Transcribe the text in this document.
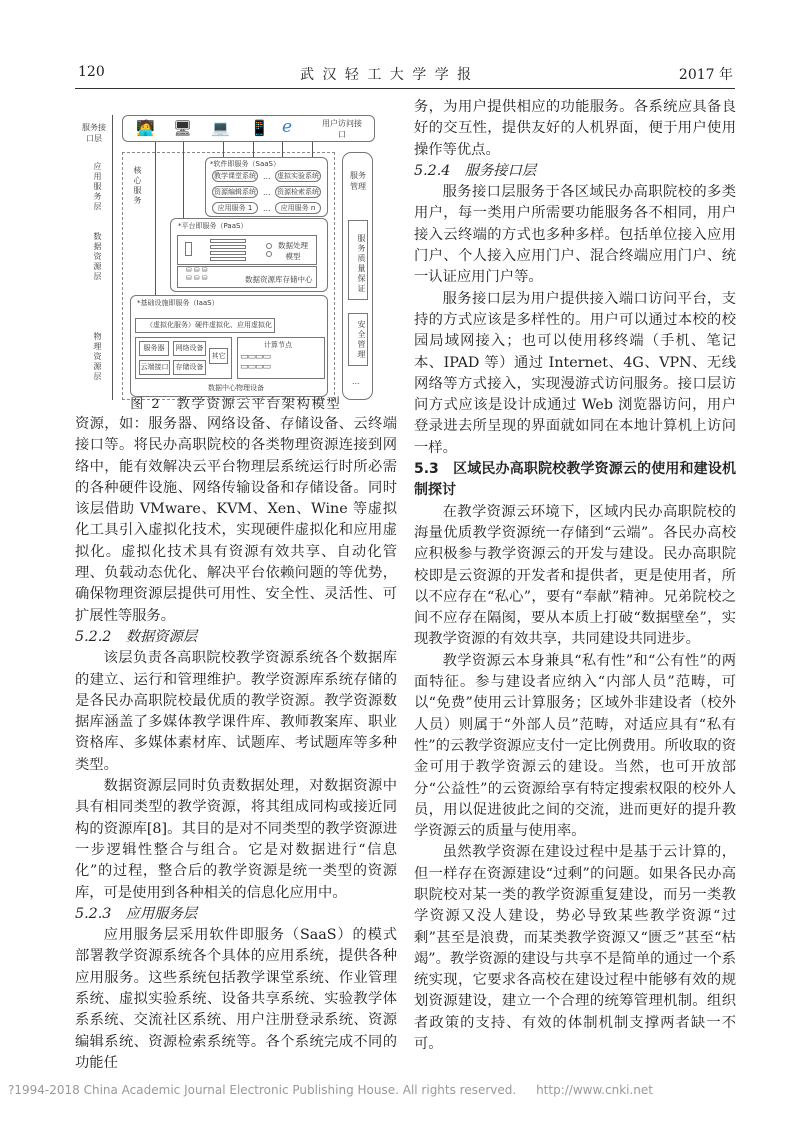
120	武 汉 轻 工 大 学 学 报	2017 年
服务接口层
应用服务层
数据资源层
物理资源层
🧑‍💻 🖥 💻 📱 e	用户访问接口
核心服务
*软件即服务（SaaS）
教学课堂系统	虚拟实验系统
资源编辑系统	资源检索系统
应用服务 1	应用服务 n
…
…
…
*平台即服务（PaaS）
数据处理模型
⛁⛁⛁
⛁⛁⛁	数据资源库存储中心
*基础设施即服务（IaaS）
（虚拟化服务）硬件虚拟化、应用虚拟化
服务器	网络设备
云端接口	存储设备
其它
计算节点
▭▭▭▭
▭▭▭▭
数据中心物理设备
服务管理
服务质量保证
安全管理
…
图 2　教学资源云平台架构模型

资源，如：服务器、网络设备、存储设备、云终端接口等。将民办高职院校的各类物理资源连接到网络中，能有效解决云平台物理层系统运行时所必需的各种硬件设施、网络传输设备和存储设备。同时该层借助 VMware、KVM、Xen、Wine 等虚拟化工具引入虚拟化技术，实现硬件虚拟化和应用虚拟化。虚拟化技术具有资源有效共享、自动化管理、负载动态优化、解决平台依赖问题的等优势，确保物理资源层提供可用性、安全性、灵活性、可扩展性等服务。

5.2.2　数据资源层

该层负责各高职院校教学资源系统各个数据库的建立、运行和管理维护。教学资源库系统存储的是各民办高职院校最优质的教学资源。教学资源数据库涵盖了多媒体教学课件库、教师教案库、职业资格库、多媒体素材库、试题库、考试题库等多种类型。

数据资源层同时负责数据处理，对数据资源中具有相同类型的教学资源，将其组成同构或接近同构的资源库[8]。其目的是对不同类型的教学资源进一步逻辑性整合与组合。它是对数据进行“信息化”的过程，整合后的教学资源是统一类型的资源库，可是使用到各种相关的信息化应用中。

5.2.3　应用服务层

应用服务层采用软件即服务（SaaS）的模式部署教学资源系统各个具体的应用系统，提供各种应用服务。这些系统包括教学课堂系统、作业管理系统、虚拟实验系统、设备共享系统、实验教学体系系统、交流社区系统、用户注册登录系统、资源编辑系统、资源检索系统等。各个系统完成不同的功能任

务，为用户提供相应的功能服务。各系统应具备良好的交互性，提供友好的人机界面，便于用户使用操作等优点。

5.2.4　服务接口层

服务接口层服务于各区域民办高职院校的多类用户，每一类用户所需要功能服务各不相同，用户接入云终端的方式也多种多样。包括单位接入应用门户、个人接入应用门户、混合终端应用门户、统一认证应用门户等。

服务接口层为用户提供接入端口访问平台，支持的方式应该是多样性的。用户可以通过本校的校园局域网接入；也可以使用移终端（手机、笔记本、IPAD 等）通过 Internet、4G、VPN、无线网络等方式接入，实现漫游式访问服务。接口层访问方式应该是设计成通过 Web 浏览器访问，用户登录进去所呈现的界面就如同在本地计算机上访问一样。

5.3　区域民办高职院校教学资源云的使用和建设机制探讨

在教学资源云环境下，区域内民办高职院校的海量优质教学资源统一存储到“云端”。各民办高校应积极参与教学资源云的开发与建设。民办高职院校即是云资源的开发者和提供者，更是使用者，所以不应存在“私心”，要有“奉献”精神。兄弟院校之间不应存在隔阂，要从本质上打破“数据壁垒”，实现教学资源的有效共享，共同建设共同进步。

教学资源云本身兼具“私有性”和“公有性”的两面特征。参与建设者应纳入“内部人员”范畴，可以“免费”使用云计算服务；区域外非建设者（校外人员）则属于“外部人员”范畴，对适应具有“私有性”的云教学资源应支付一定比例费用。所收取的资金可用于教学资源云的建设。当然，也可开放部分“公益性”的云资源给享有特定搜索权限的校外人员，用以促进彼此之间的交流，进而更好的提升教学资源云的质量与使用率。

虽然教学资源在建设过程中是基于云计算的，但一样存在资源建设“过剩”的问题。如果各民办高职院校对某一类的教学资源重复建设，而另一类教学资源又没人建设，势必导致某些教学资源“过剩”甚至是浪费，而某类教学资源又“匮乏”甚至“枯竭”。教学资源的建设与共享不是简单的通过一个系统实现，它要求各高校在建设过程中能够有效的规划资源建设，建立一个合理的统筹管理机制。组织者政策的支持、有效的体制机制支撑两者缺一不可。

?1994-2018 China Academic Journal Electronic Publishing House. All rights reserved. http://www.cnki.net
